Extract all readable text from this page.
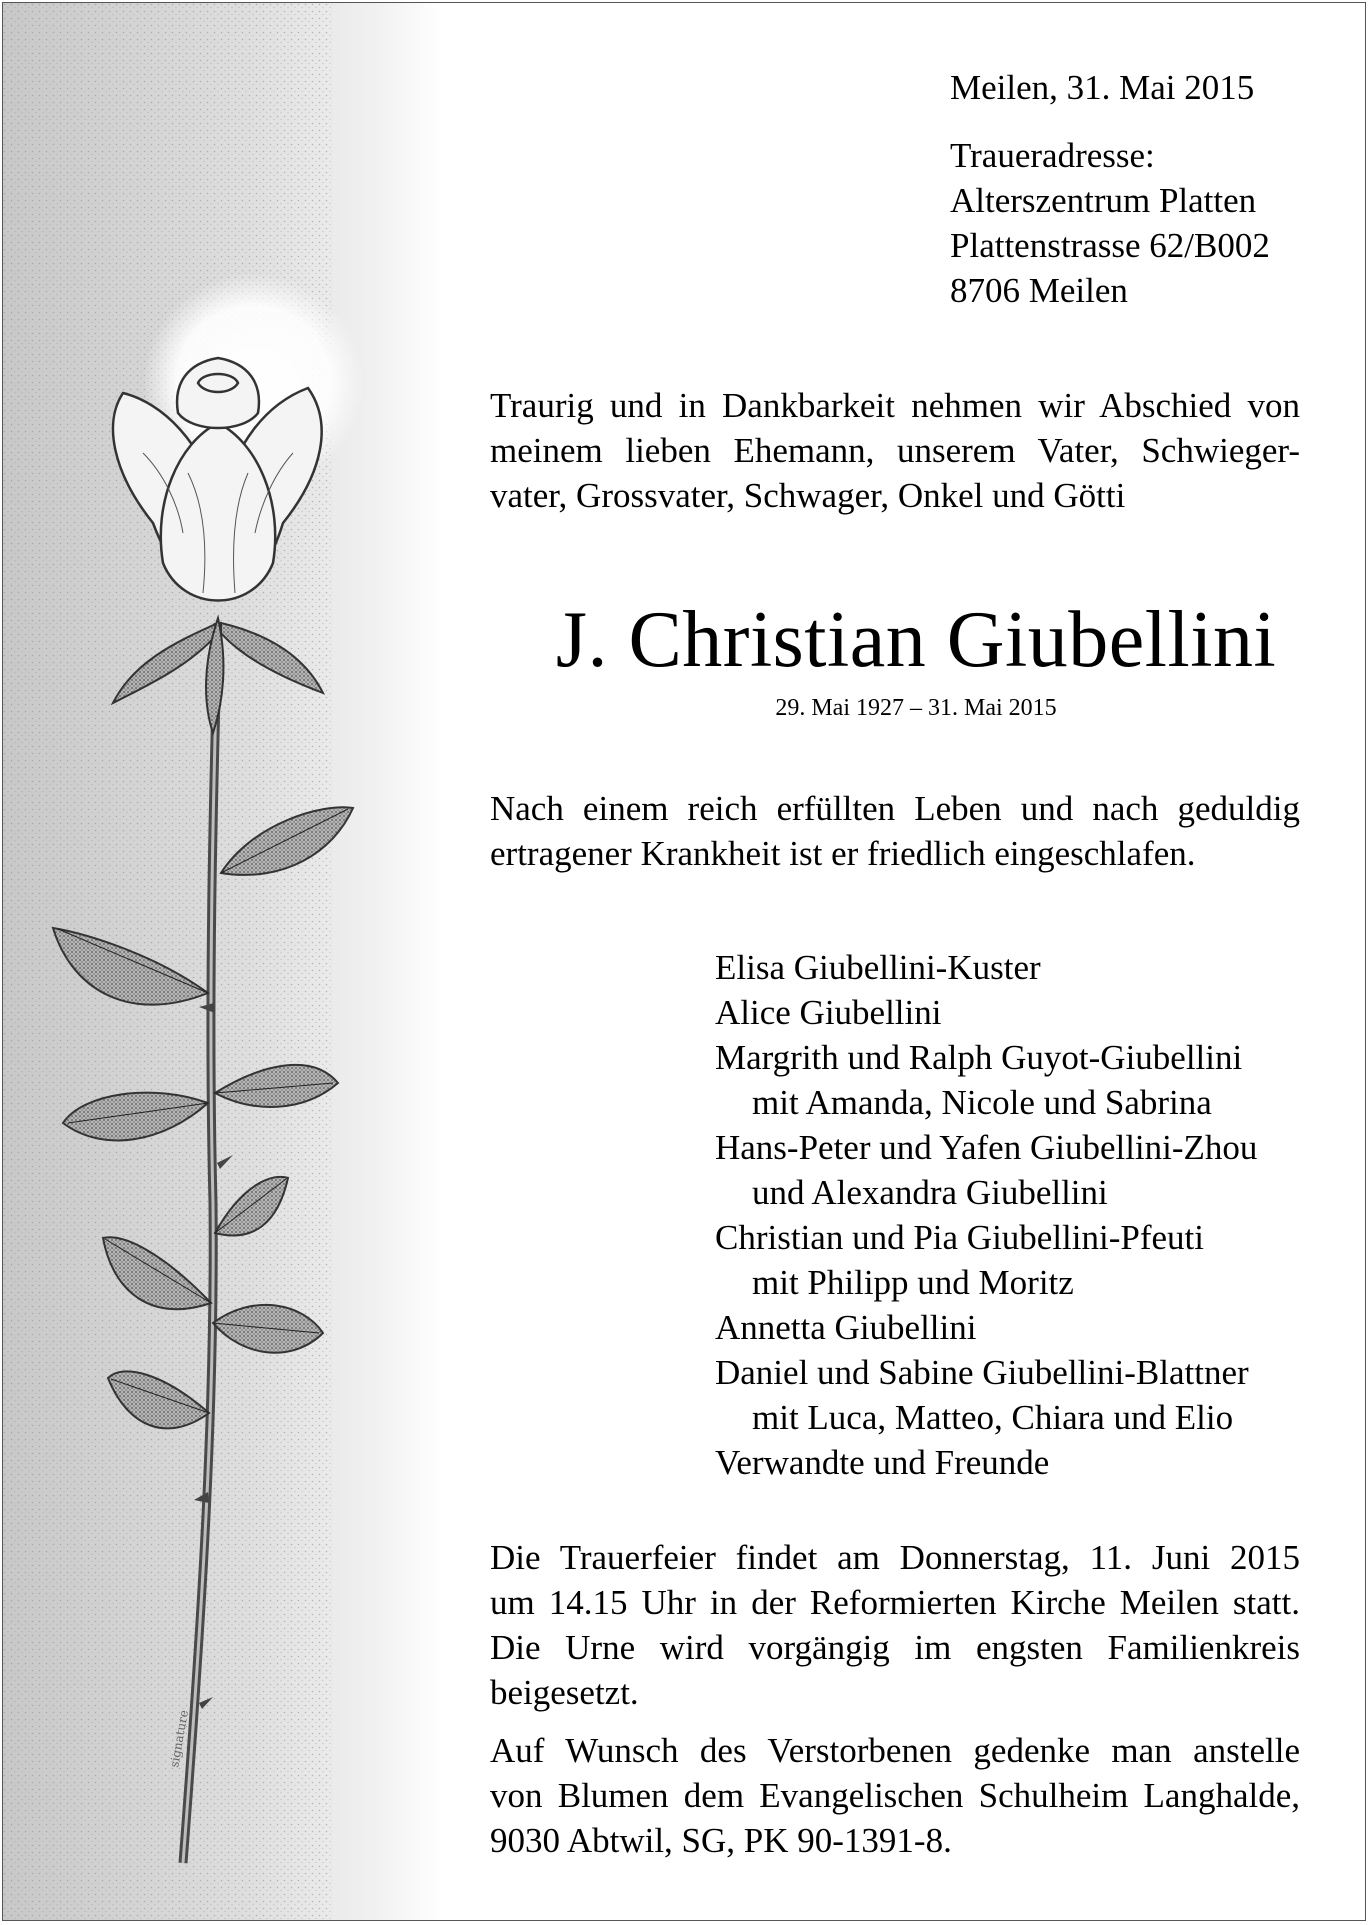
signature
Meilen, 31. Mai 2015
Traueradresse:
Alterszentrum Platten
Plattenstrasse 62/B002
8706 Meilen
Traurig und in Dankbarkeit nehmen wir Abschied von
meinem lieben Ehemann, unserem Vater, Schwieger-
vater, Grossvater, Schwager, Onkel und Götti
J. Christian Giubellini
29. Mai 1927 – 31. Mai 2015
Nach einem reich erfüllten Leben und nach geduldig
ertragener Krankheit ist er friedlich eingeschlafen.
Elisa Giubellini-Kuster
Alice Giubellini
Margrith und Ralph Guyot-Giubellini
mit Amanda, Nicole und Sabrina
Hans-Peter und Yafen Giubellini-Zhou
und Alexandra Giubellini
Christian und Pia Giubellini-Pfeuti
mit Philipp und Moritz
Annetta Giubellini
Daniel und Sabine Giubellini-Blattner
mit Luca, Matteo, Chiara und Elio
Verwandte und Freunde
Die Trauerfeier findet am Donnerstag, 11. Juni 2015
um 14.15 Uhr in der Reformierten Kirche Meilen statt.
Die Urne wird vorgängig im engsten Familienkreis
beigesetzt.
Auf Wunsch des Verstorbenen gedenke man anstelle
von Blumen dem Evangelischen Schulheim Langhalde,
9030 Abtwil, SG, PK 90-1391-8.
